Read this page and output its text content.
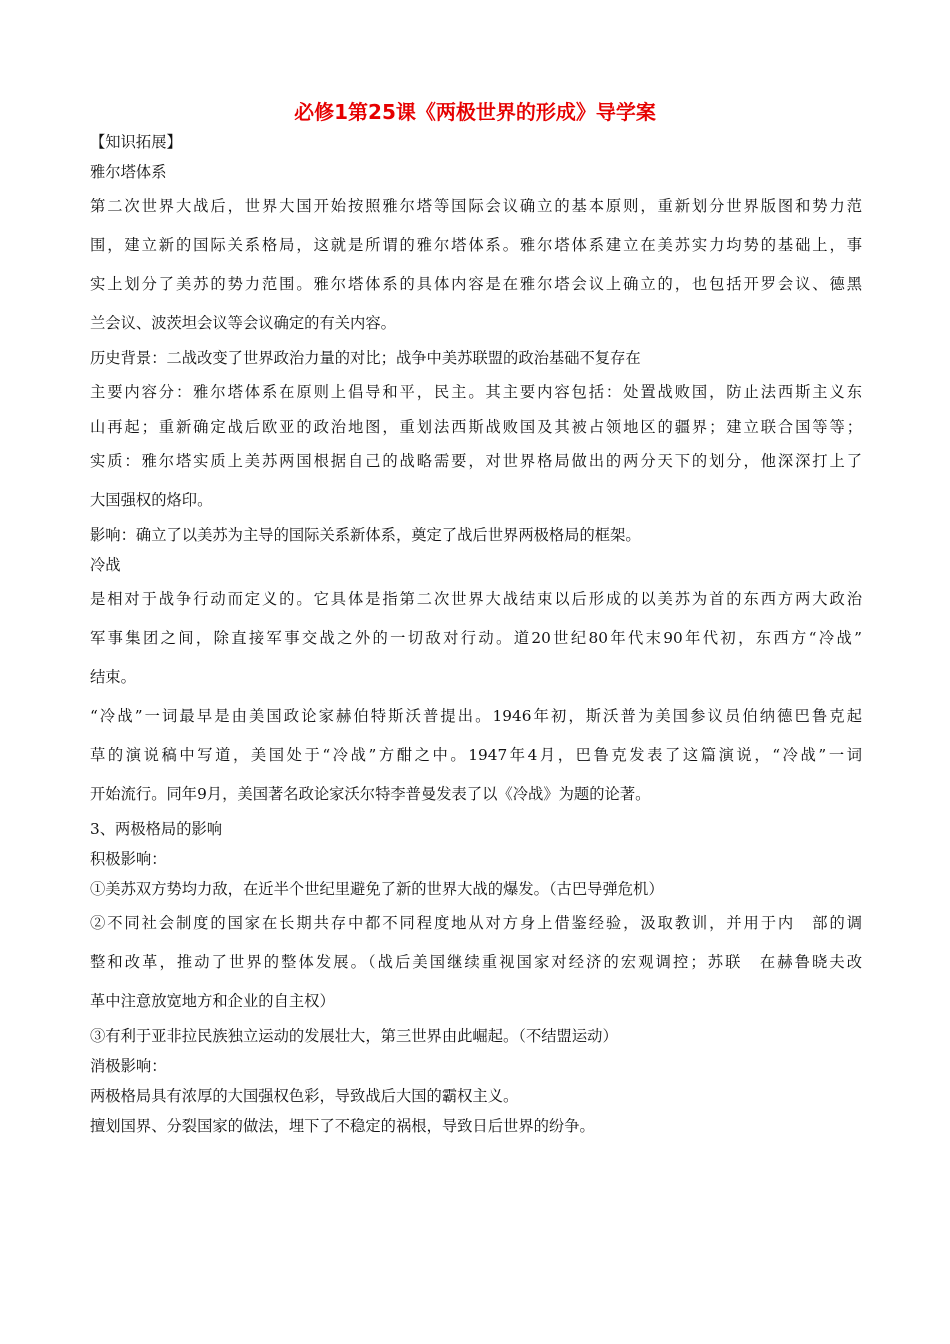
必修1第25课《两极世界的形成》导学案
【知识拓展】
雅尔塔体系
第二次世界大战后，世界大国开始按照雅尔塔等国际会议确立的基本原则，重新划分世界版图和势力范
围，建立新的国际关系格局，这就是所谓的雅尔塔体系。雅尔塔体系建立在美苏实力均势的基础上，事
实上划分了美苏的势力范围。雅尔塔体系的具体内容是在雅尔塔会议上确立的，也包括开罗会议、德黑
兰会议、波茨坦会议等会议确定的有关内容。
历史背景：二战改变了世界政治力量的对比；战争中美苏联盟的政治基础不复存在
主要内容分：雅尔塔体系在原则上倡导和平，民主。其主要内容包括：处置战败国，防止法西斯主义东
山再起；重新确定战后欧亚的政治地图，重划法西斯战败国及其被占领地区的疆界；建立联合国等等；
实质：雅尔塔实质上美苏两国根据自己的战略需要，对世界格局做出的两分天下的划分，他深深打上了
大国强权的烙印。
影响：确立了以美苏为主导的国际关系新体系，奠定了战后世界两极格局的框架。
冷战
是相对于战争行动而定义的。它具体是指第二次世界大战结束以后形成的以美苏为首的东西方两大政治
军事集团之间，除直接军事交战之外的一切敌对行动。道20世纪80年代末90年代初，东西方“冷战”
结束。
“冷战”一词最早是由美国政论家赫伯特斯沃普提出。1946年初，斯沃普为美国参议员伯纳德巴鲁克起
草的演说稿中写道，美国处于“冷战”方酣之中。1947年4月，巴鲁克发表了这篇演说，“冷战”一词
开始流行。同年9月，美国著名政论家沃尔特李普曼发表了以《冷战》为题的论著。
3、两极格局的影响
积极影响：
①美苏双方势均力敌，在近半个世纪里避免了新的世界大战的爆发。（古巴导弹危机）
②不同社会制度的国家在长期共存中都不同程度地从对方身上借鉴经验，汲取教训，并用于内　部的调
整和改革，推动了世界的整体发展。（战后美国继续重视国家对经济的宏观调控；苏联　在赫鲁晓夫改
革中注意放宽地方和企业的自主权）
③有利于亚非拉民族独立运动的发展壮大，第三世界由此崛起。（不结盟运动）
消极影响：
两极格局具有浓厚的大国强权色彩，导致战后大国的霸权主义。
擅划国界、分裂国家的做法，埋下了不稳定的祸根，导致日后世界的纷争。
